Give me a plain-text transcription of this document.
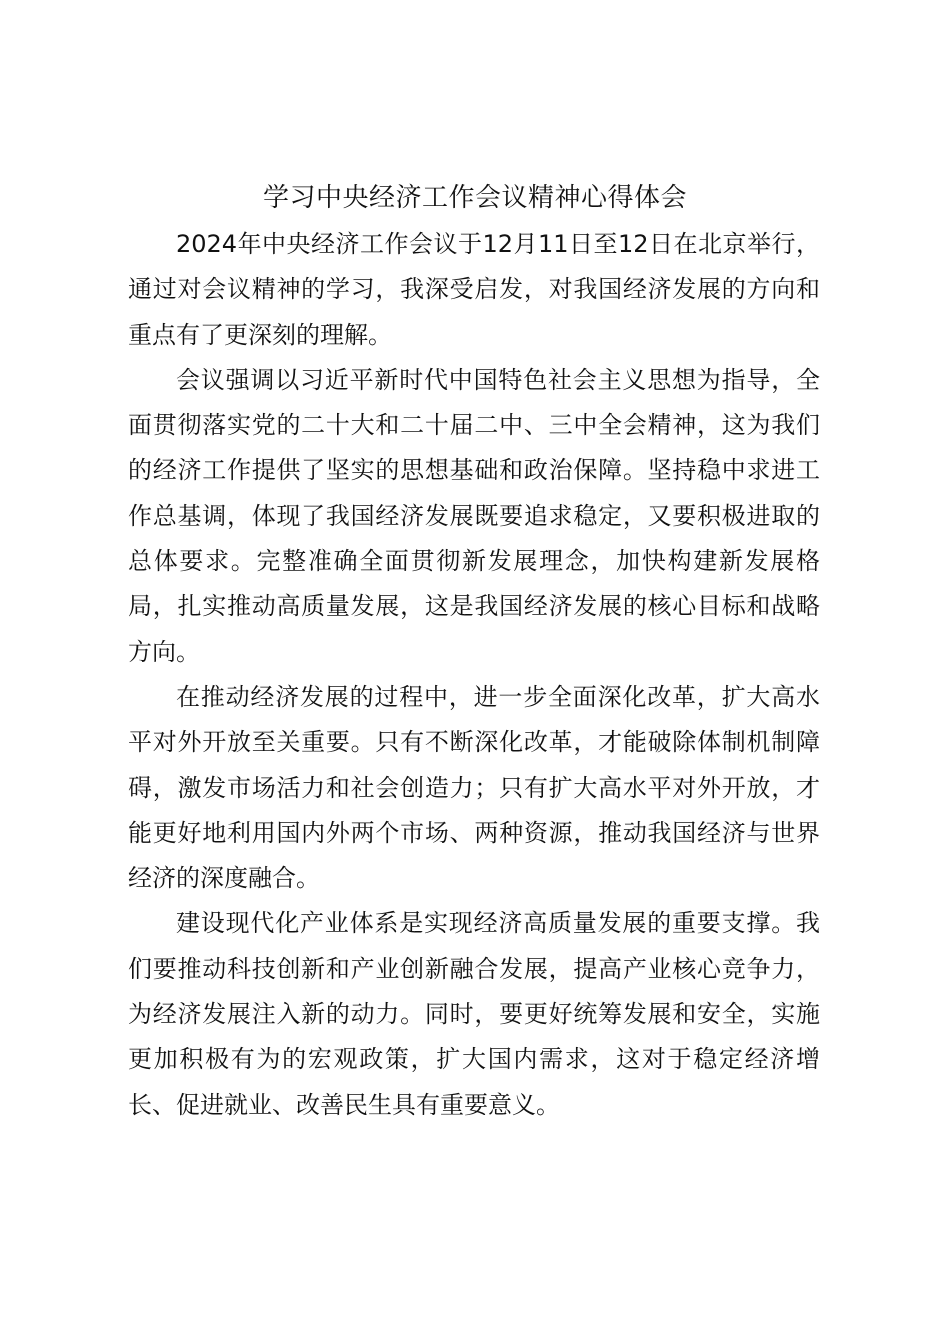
学习中央经济工作会议精神心得体会

2024年中央经济工作会议于12月11日至12日在北京举行，通过对会议精神的学习，我深受启发，对我国经济发展的方向和重点有了更深刻的理解。

会议强调以习近平新时代中国特色社会主义思想为指导，全面贯彻落实党的二十大和二十届二中、三中全会精神，这为我们的经济工作提供了坚实的思想基础和政治保障。坚持稳中求进工作总基调，体现了我国经济发展既要追求稳定，又要积极进取的总体要求。完整准确全面贯彻新发展理念，加快构建新发展格局，扎实推动高质量发展，这是我国经济发展的核心目标和战略方向。

在推动经济发展的过程中，进一步全面深化改革，扩大高水平对外开放至关重要。只有不断深化改革，才能破除体制机制障碍，激发市场活力和社会创造力；只有扩大高水平对外开放，才能更好地利用国内外两个市场、两种资源，推动我国经济与世界经济的深度融合。

建设现代化产业体系是实现经济高质量发展的重要支撑。我们要推动科技创新和产业创新融合发展，提高产业核心竞争力，为经济发展注入新的动力。同时，要更好统筹发展和安全，实施更加积极有为的宏观政策，扩大国内需求，这对于稳定经济增长、促进就业、改善民生具有重要意义。
